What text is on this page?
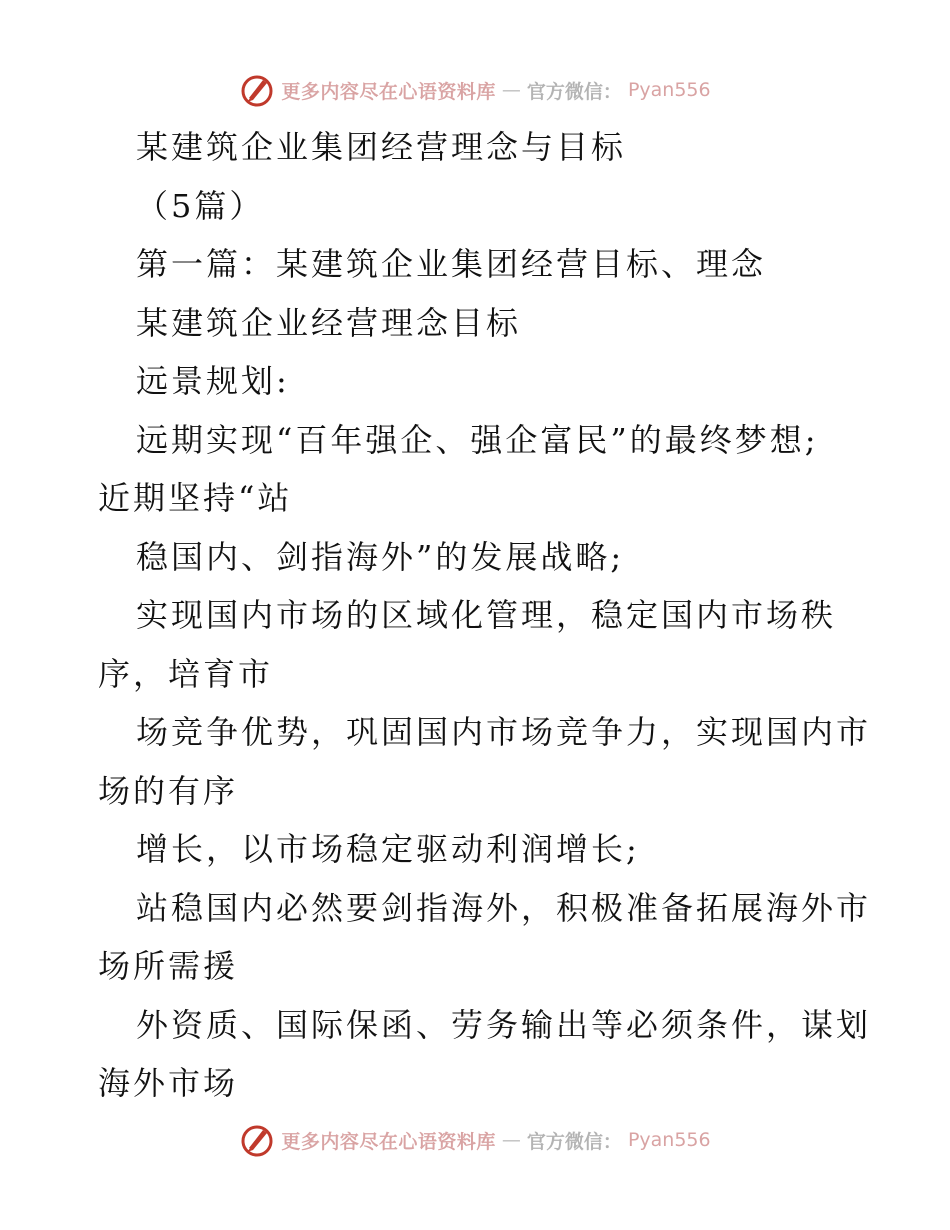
更多内容尽在心语资料库 — 官方微信： Pyan556
某建筑企业集团经营理念与目标
（5篇）
第一篇：某建筑企业集团经营目标、理念
某建筑企业经营理念目标
远景规划:
远期实现“百年强企、强企富民”的最终梦想;
近期坚持“站
稳国内、剑指海外”的发展战略;
实现国内市场的区域化管理，稳定国内市场秩
序，培育市
场竞争优势，巩固国内市场竞争力，实现国内市
场的有序
增长，以市场稳定驱动利润增长;
站稳国内必然要剑指海外，积极准备拓展海外市
场所需援
外资质、国际保函、劳务输出等必须条件，谋划
海外市场
更多内容尽在心语资料库 — 官方微信： Pyan556
